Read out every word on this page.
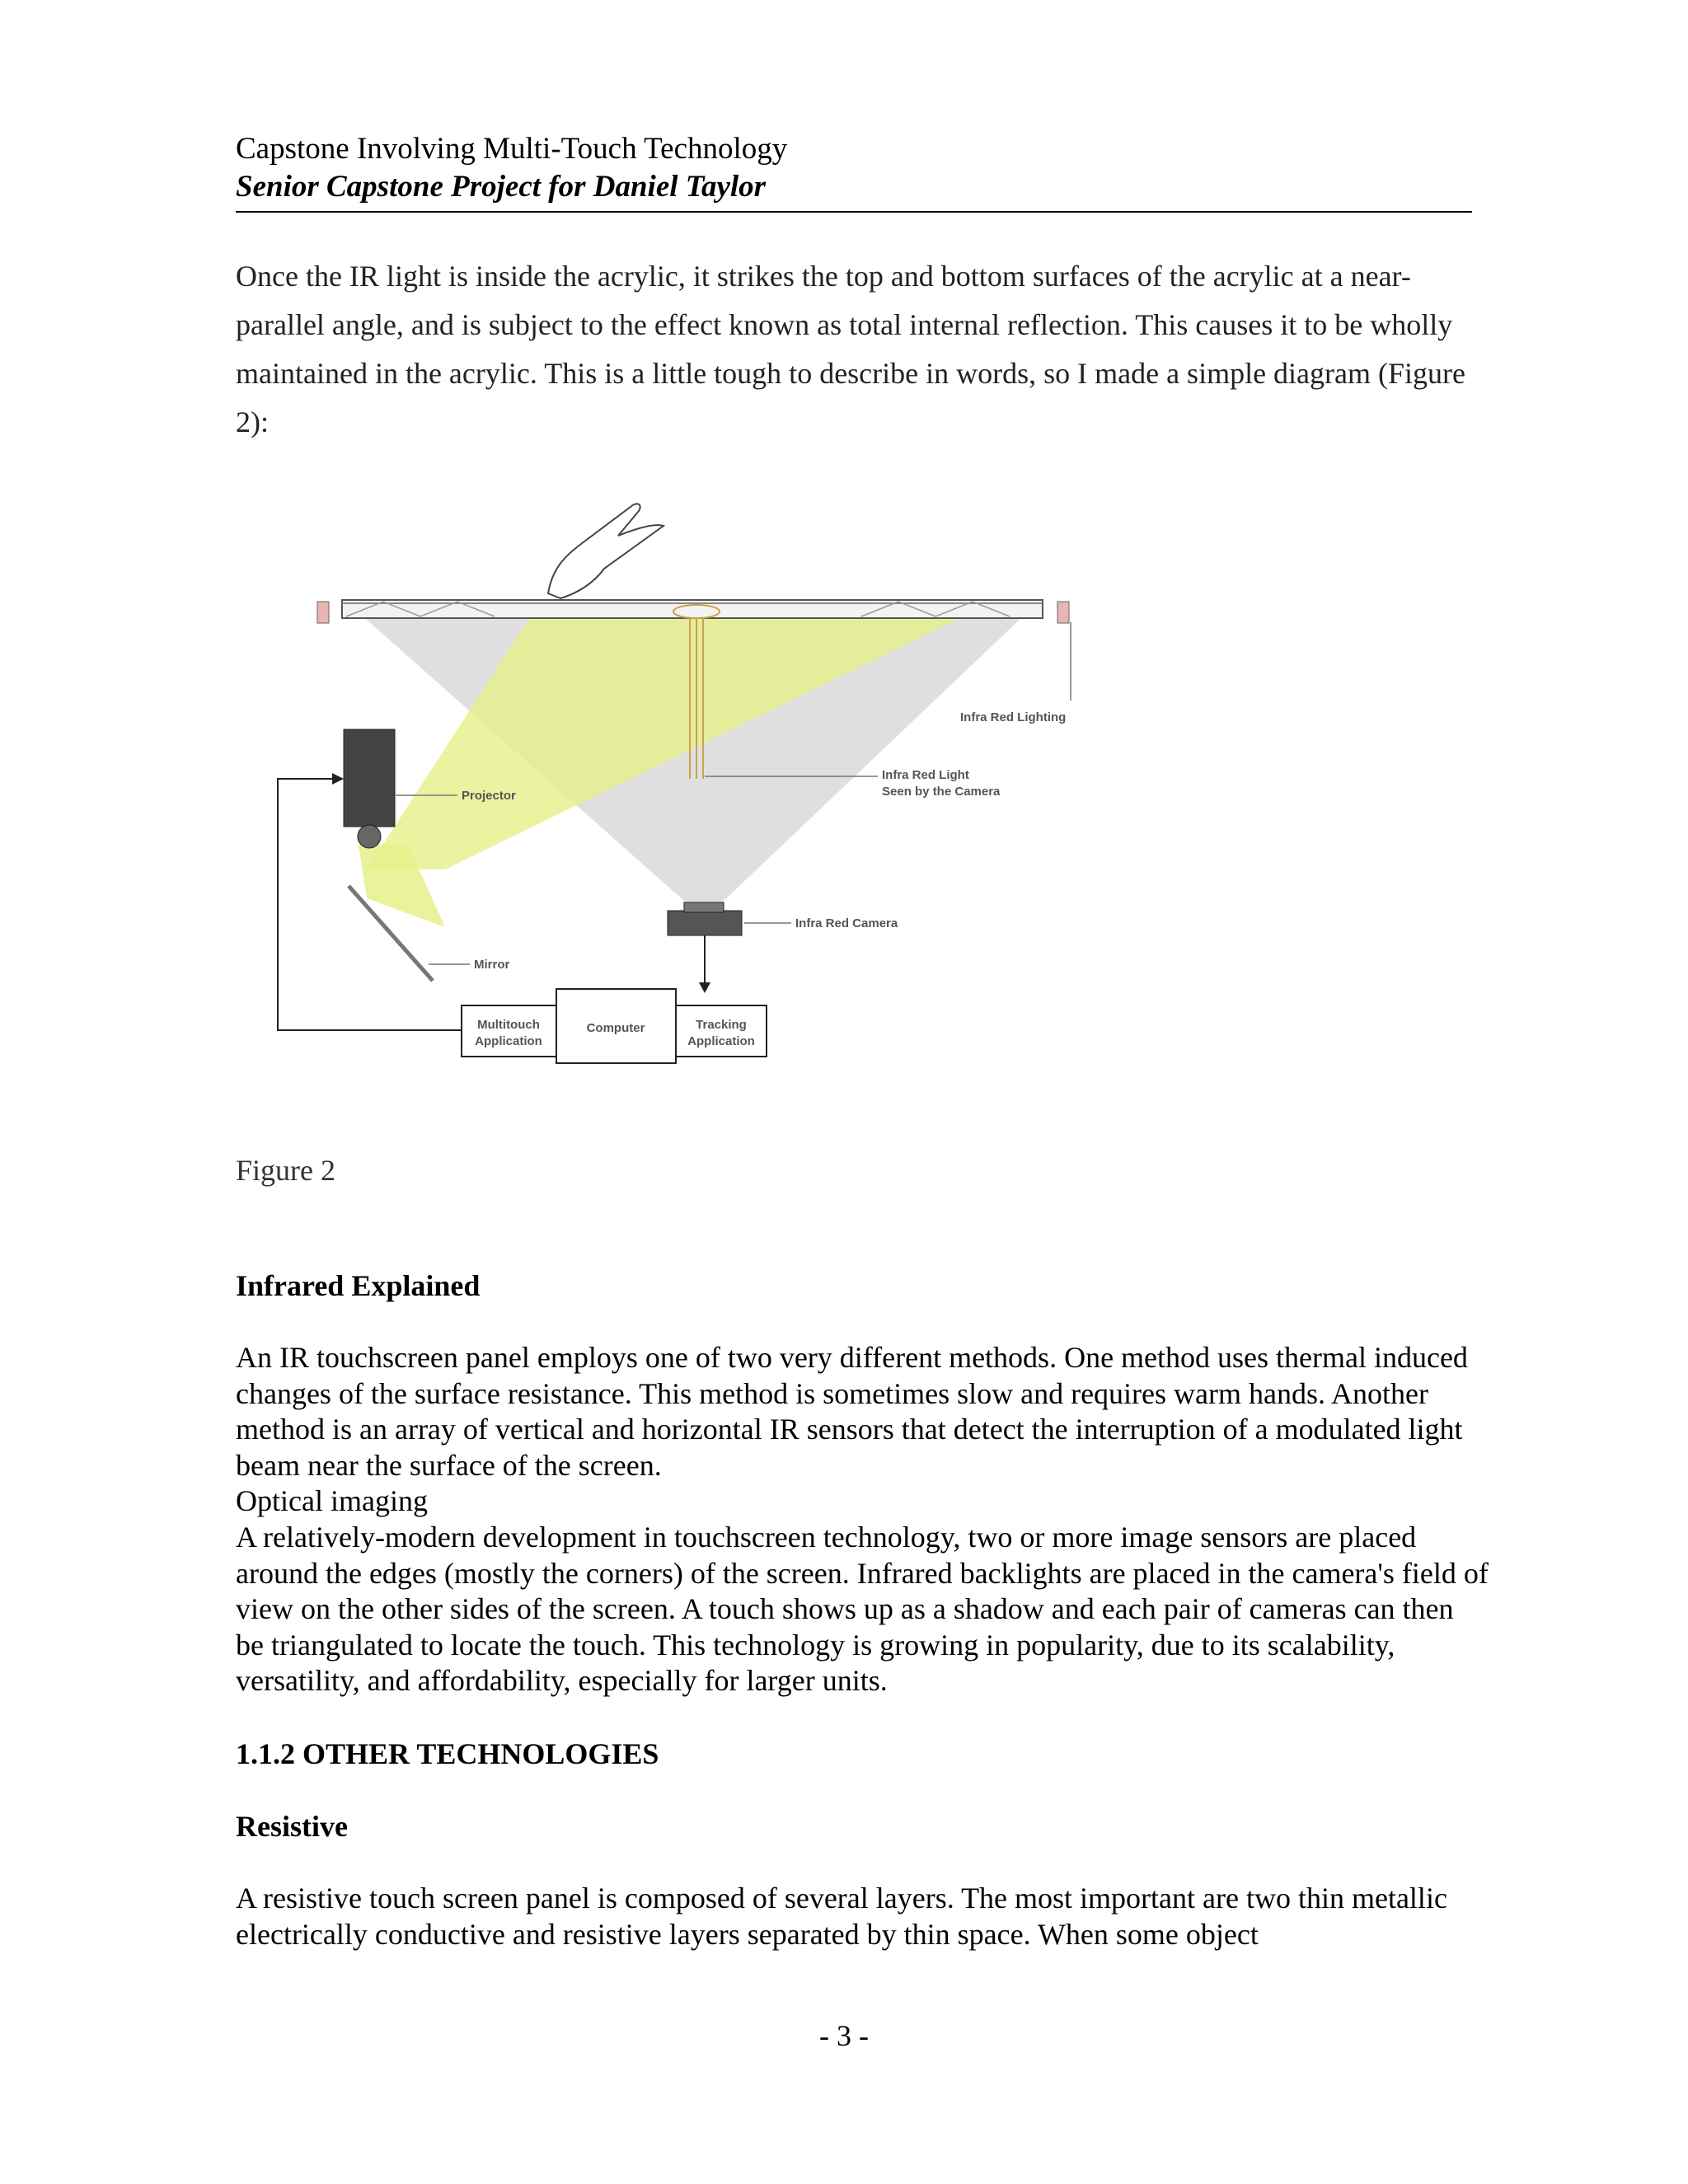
Capstone Involving Multi-Touch Technology
Senior Capstone Project for Daniel Taylor

Once the IR light is inside the acrylic, it strikes the top and bottom surfaces of the acrylic at a near-parallel angle, and is subject to the effect known as total internal reflection. This causes it to be wholly maintained in the acrylic. This is a little tough to describe in words, so I made a simple diagram (Figure 2):

Multitouch
Application
Computer	Tracking
Application
Infra Red Lighting
Infra Red Light
Seen by the Camera
Projector
Mirror
Infra Red Camera
Figure 2
Infrared Explained

An IR touchscreen panel employs one of two very different methods. One method uses thermal induced changes of the surface resistance. This method is sometimes slow and requires warm hands. Another method is an array of vertical and horizontal IR sensors that detect the interruption of a modulated light beam near the surface of the screen.

Optical imaging

A relatively-modern development in touchscreen technology, two or more image sensors are placed around the edges (mostly the corners) of the screen. Infrared backlights are placed in the camera's field of view on the other sides of the screen. A touch shows up as a shadow and each pair of cameras can then be triangulated to locate the touch. This technology is growing in popularity, due to its scalability, versatility, and affordability, especially for larger units.

1.1.2 OTHER TECHNOLOGIES
Resistive

A resistive touch screen panel is composed of several layers. The most important are two thin metallic electrically conductive and resistive layers separated by thin space. When some object

- 3 -
